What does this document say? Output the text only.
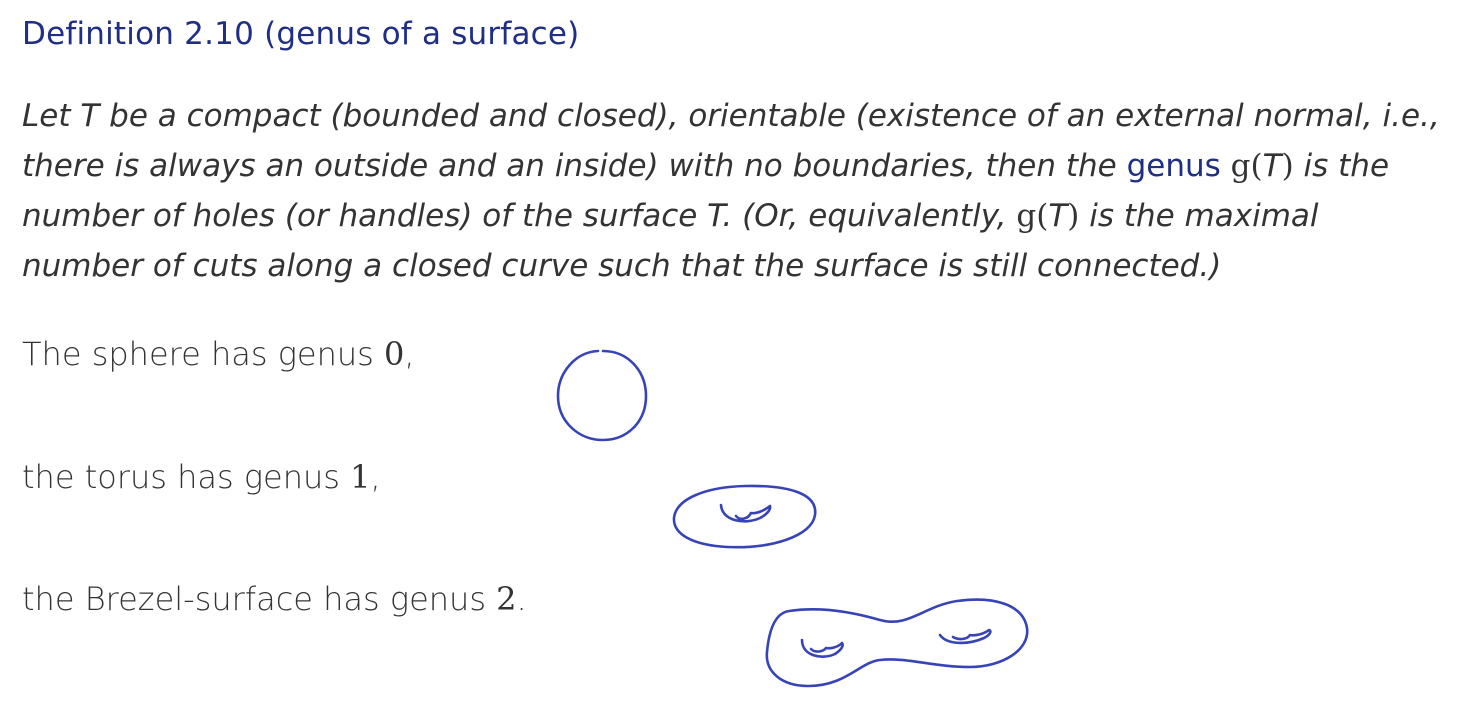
Definition 2.10 (genus of a surface)
Let T be a compact (bounded and closed), orientable (existence of an external normal, i.e.,
there is always an outside and an inside) with no boundaries, then the genus g(T) is the
number of holes (or handles) of the surface T. (Or, equivalently, g(T) is the maximal
number of cuts along a closed curve such that the surface is still connected.)
The sphere has genus 0,
the torus has genus 1,
the Brezel-surface has genus 2.
